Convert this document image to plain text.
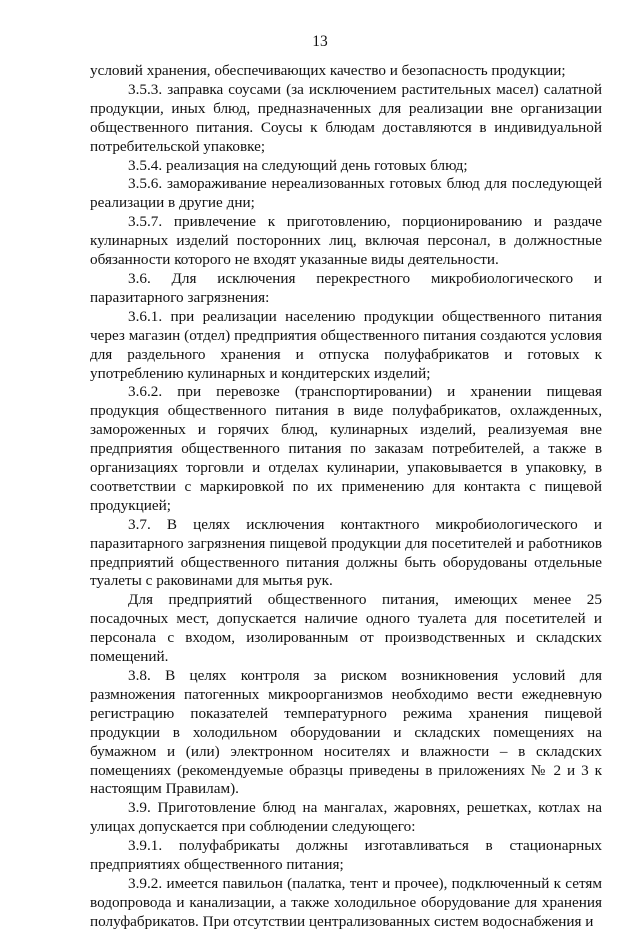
13

условий хранения, обеспечивающих качество и безопасность продукции;

3.5.3. заправка соусами (за исключением растительных масел) салатной продукции, иных блюд, предназначенных для реализации вне организации общественного питания. Соусы к блюдам доставляются в индивидуальной потребительской упаковке;

3.5.4. реализация на следующий день готовых блюд;

3.5.6. замораживание нереализованных готовых блюд для последующей реализации в другие дни;

3.5.7. привлечение к приготовлению, порционированию и раздаче кулинарных изделий посторонних лиц, включая персонал, в должностные обязанности которого не входят указанные виды деятельности.

3.6. Для исключения перекрестного микробиологического и паразитарного загрязнения:

3.6.1. при реализации населению продукции общественного питания через магазин (отдел) предприятия общественного питания создаются условия для раздельного хранения и отпуска полуфабрикатов и готовых к употреблению кулинарных и кондитерских изделий;

3.6.2. при перевозке (транспортировании) и хранении пищевая продукция общественного питания в виде полуфабрикатов, охлажденных, замороженных и горячих блюд, кулинарных изделий, реализуемая вне предприятия общественного питания по заказам потребителей, а также в организациях торговли и отделах кулинарии, упаковывается в упаковку, в соответствии с маркировкой по их применению для контакта с пищевой продукцией;

3.7. В целях исключения контактного микробиологического и паразитарного загрязнения пищевой продукции для посетителей и работников предприятий общественного питания должны быть оборудованы отдельные туалеты с раковинами для мытья рук.

Для предприятий общественного питания, имеющих менее 25 посадочных мест, допускается наличие одного туалета для посетителей и персонала с входом, изолированным от производственных и складских помещений.

3.8. В целях контроля за риском возникновения условий для размножения патогенных микроорганизмов необходимо вести ежедневную регистрацию показателей температурного режима хранения пищевой продукции в холодильном оборудовании и складских помещениях на бумажном и (или) электронном носителях и влажности – в складских помещениях (рекомендуемые образцы приведены в приложениях № 2 и 3 к настоящим Правилам).

3.9. Приготовление блюд на мангалах, жаровнях, решетках, котлах на улицах допускается при соблюдении следующего:

3.9.1. полуфабрикаты должны изготавливаться в стационарных предприятиях общественного питания;

3.9.2. имеется павильон (палатка, тент и прочее), подключенный к сетям водопровода и канализации, а также холодильное оборудование для хранения полуфабрикатов. При отсутствии централизованных систем водоснабжения и
